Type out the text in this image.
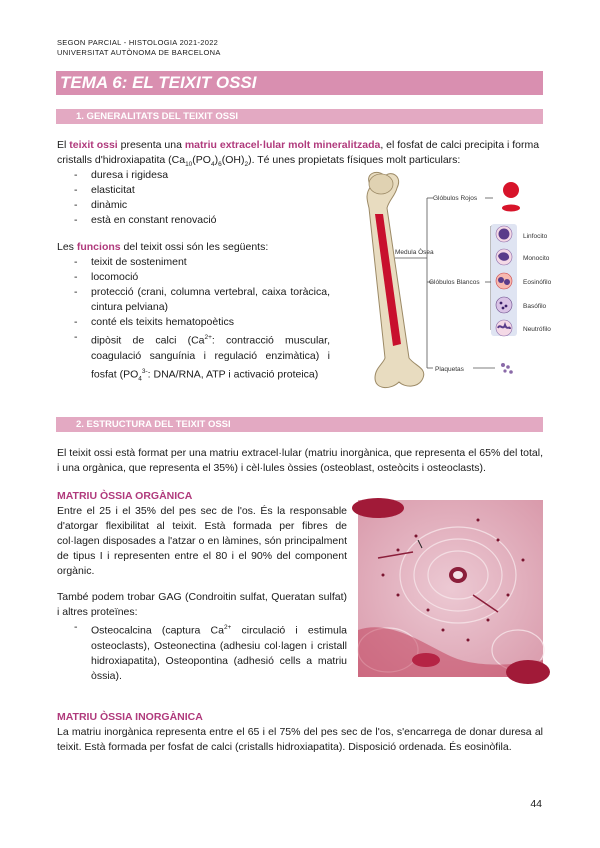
SEGON PARCIAL - HISTOLOGIA 2021-2022
UNIVERSITAT AUTÒNOMA DE BARCELONA
TEMA 6: EL TEIXIT OSSI
1. GENERALITATS DEL TEIXIT OSSI
El teixit ossi presenta una matriu extracel·lular molt mineralitzada, el fosfat de calci precipita i forma cristalls d'hidroxiapatita $(Ca_{10}(PO_4)_6(OH)_2)$. Té unes propietats físiques molt particulars:
- duresa i rigidesa
- elasticitat
- dinàmic
- està en constant renovació
Les funcions del teixit ossi són les següents:
- teixit de sosteniment
- locomoció
- protecció (crani, columna vertebral, caixa toràcica, cintura pelviana)
- conté els teixits hematopoètics
- dipòsit de calci ($Ca^{2+}$: contracció muscular, coagulació sanguínia i regulació enzimàtica) i fosfat ($PO_4^{3-}$: DNA/RNA, ATP i activació proteica)
Medula Òsea
Glóbulos Rojos
Glóbulos Blancos
Plaquetas
Linfocito
Monocito
Eosinófilo
Basófilo
Neutrófilo
2. ESTRUCTURA DEL TEIXIT OSSI
El teixit ossi està format per una matriu extracel·lular (matriu inorgànica, que representa el 65% del total, i una orgànica, que representa el 35%) i cèl·lules òssies (osteoblast, osteòcits i osteoclasts).
MATRIU ÒSSIA ORGÀNICA
Entre el 25 i el 35% del pes sec de l'os. És la responsable d'atorgar flexibilitat al teixit. Està formada per fibres de col·lagen disposades a l'atzar o en làmines, són principalment de tipus I i representen entre el 80 i el 90% del component orgànic.
També podem trobar GAG (Condroitin sulfat, Queratan sulfat) i altres proteïnes:
- Osteocalcina (captura $Ca^{2+}$ circulació i estimula osteoclasts), Osteonectina (adhesiu col·lagen i cristall hidroxiapatita), Osteopontina (adhesió cells a matriu òssia).
MATRIU ÒSSIA INORGÀNICA
La matriu inorgànica representa entre el 65 i el 75% del pes sec de l'os, s'encarrega de donar duresa al teixit. Està formada per fosfat de calci (cristalls hidroxiapatita). Disposició ordenada. És eosinòfila.
44
